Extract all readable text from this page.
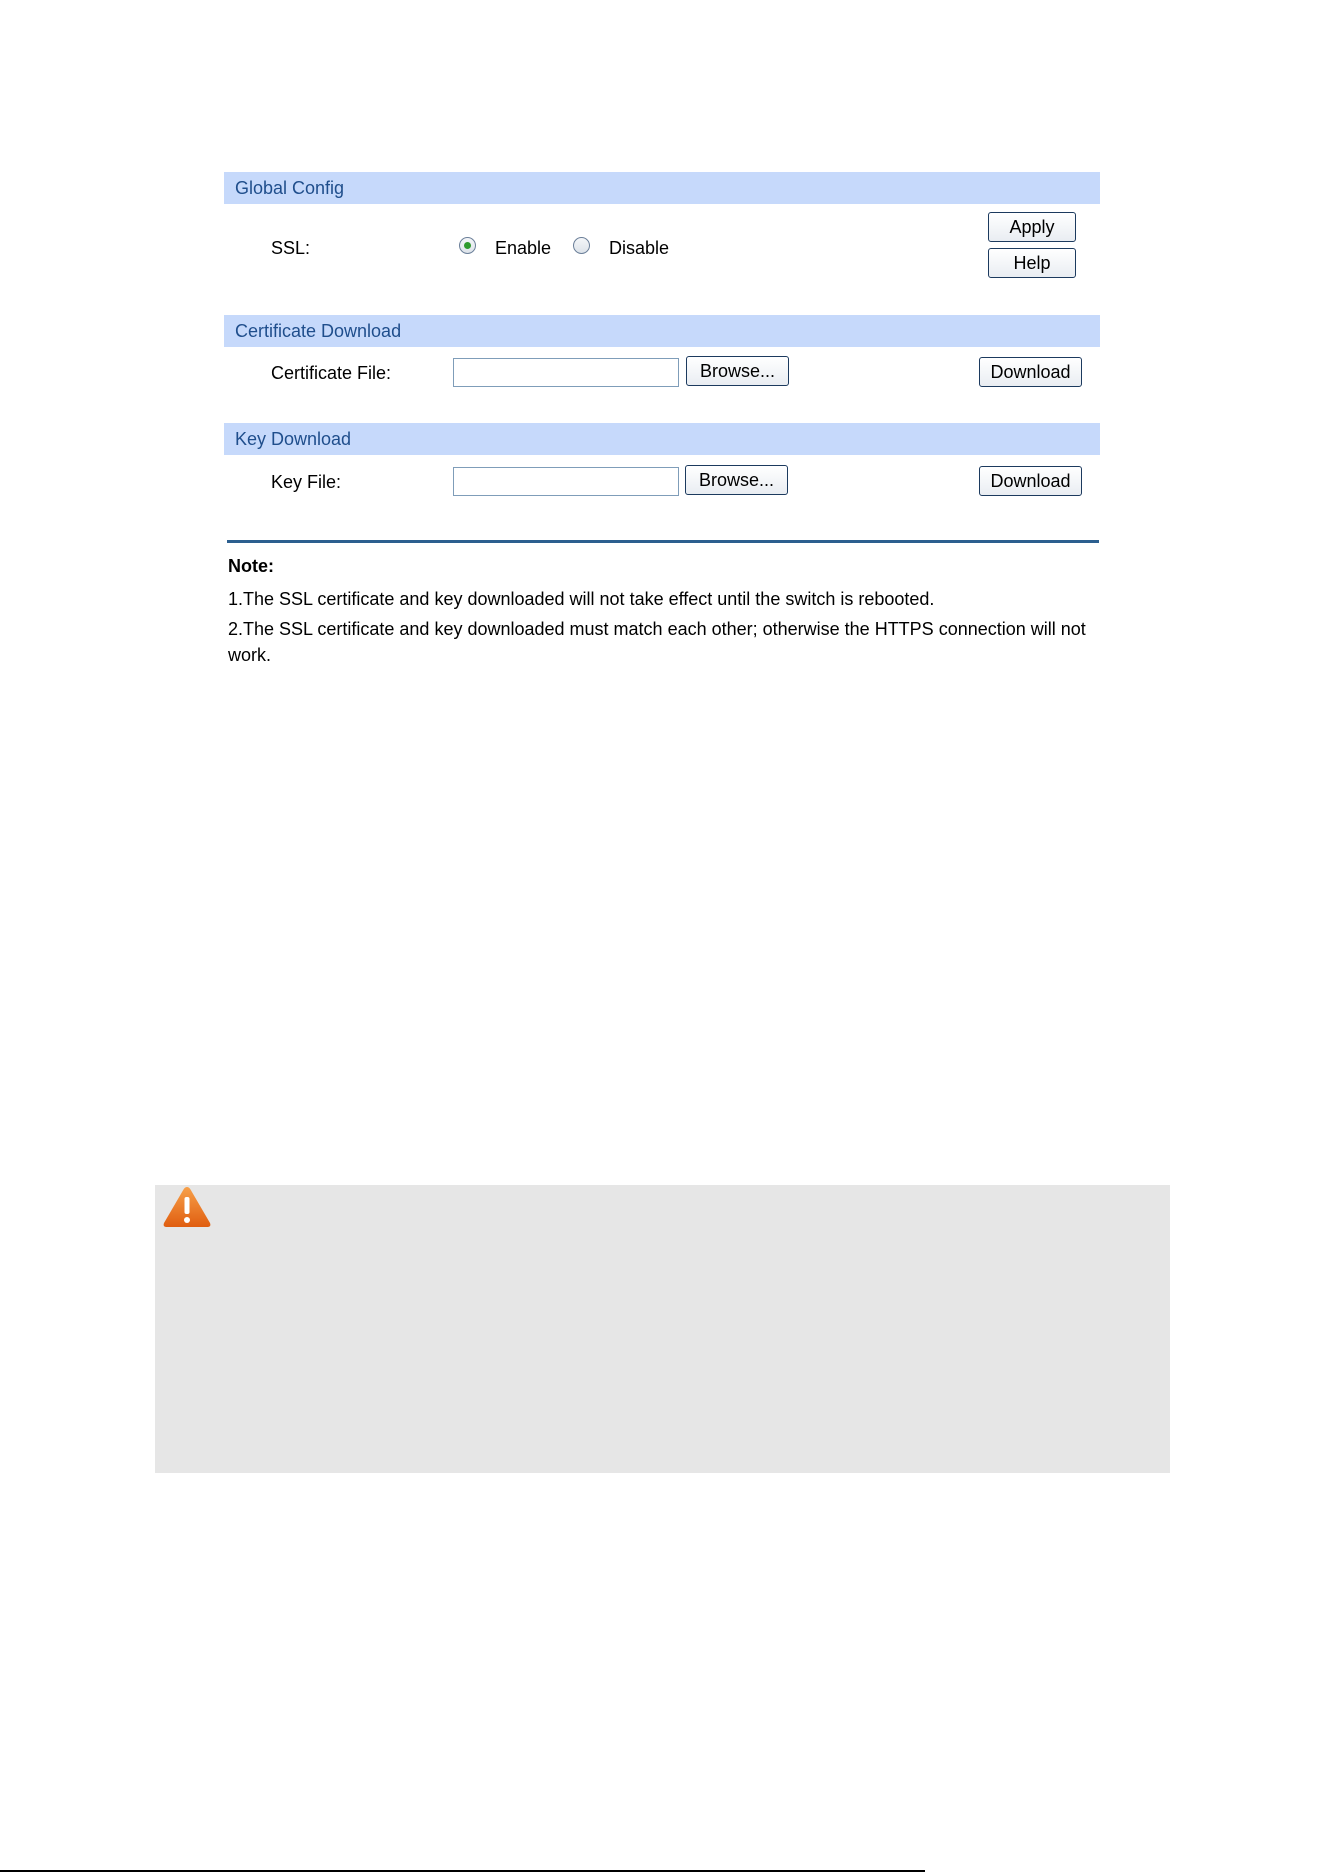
Global Config
SSL:	Enable	Disable
Apply
Help
Certificate Download
Certificate File:	Browse...	Download
Key Download
Key File:	Browse...	Download
Note:
1.The SSL certificate and key downloaded will not take effect until the switch is rebooted.
2.The SSL certificate and key downloaded must match each other; otherwise the HTTPS connection will not work.
